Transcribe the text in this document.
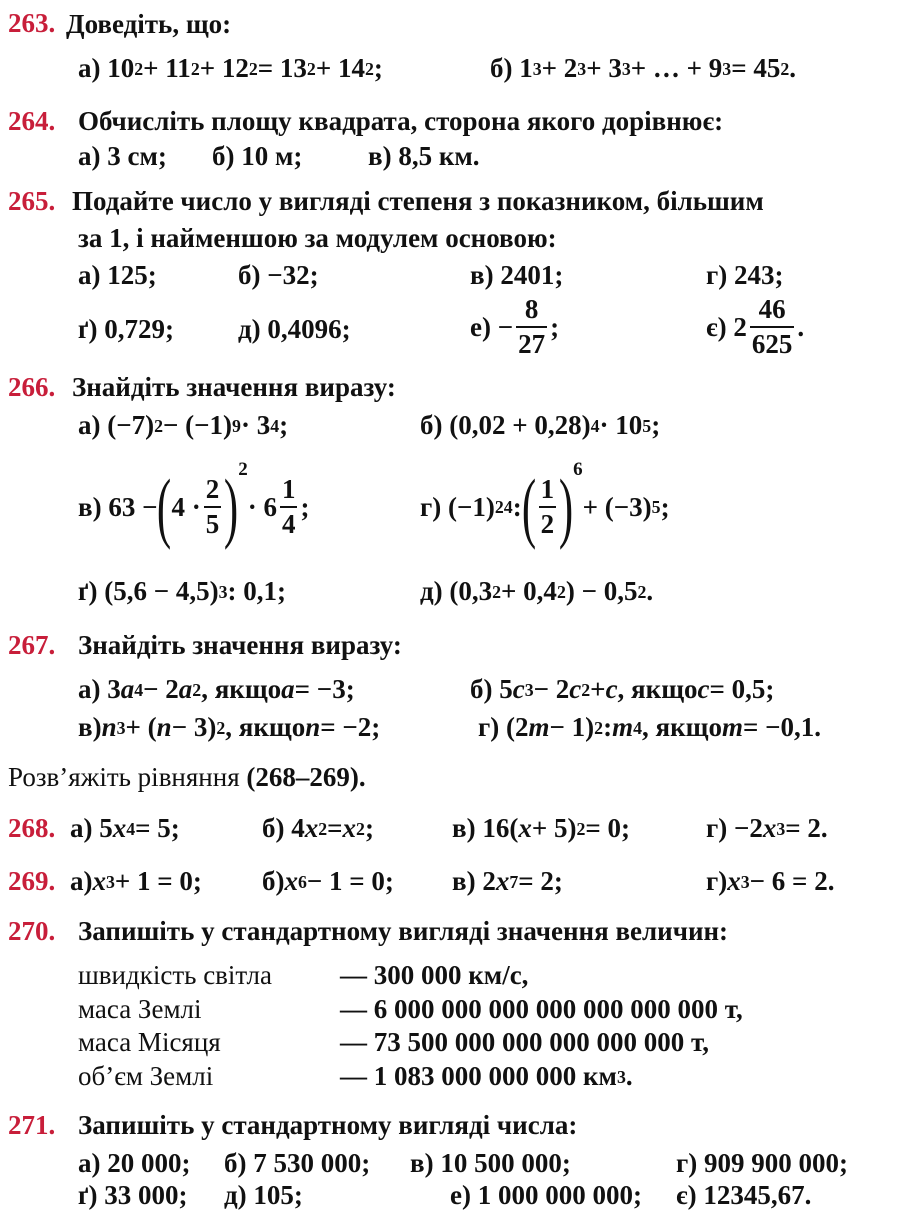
263. Доведіть, що:
а) 10 2 + 11 2 + 12 2 = 13 2 + 14 2 ;	б) 1 3 + 2 3 + 3 3 + … + 9 3 = 45 2 .
264. Обчисліть площу квадрата, сторона якого дорівнює:
а) 3 см; б) 10 м; в) 8,5 км.
265. Подайте число у вигляді степеня з показником, більшим
за 1, і найменшою за модулем основою:
а) 125;	б) −32;	в) 2401;	г) 243;
ґ) 0,729; д) 0,4096;	е) −
8
27
;	є) 2
46
625
.
266. Знайдіть значення виразу:
а) (−7) 2 − (−1) 9 · 3 4 ;	б) (0,02 + 0,28) 4 · 10 5 ;
в) 63 − ( 4 ·
2
5 ) 2
· 6
1
4
;	г) (−1) 24 : ( 1
2 ) 6
+ (−3) 5 ;
ґ) (5,6 − 4,5) 3 : 0,1;	д) (0,3 2 + 0,4 2 ) − 0,5 2 .
267. Знайдіть значення виразу:
а) 3 a 4 − 2 a 2 , якщо a = −3;	б) 5 c 3 − 2 c 2 + c , якщо c = 0,5;
в) n 3 + ( n − 3) 2 , якщо n = −2;	г) (2 m − 1) 2 : m 4 , якщо m = −0,1.
Розв’яжіть рівняння (268–269).
268. а) 5 x 4 = 5;	б) 4 x 2 = x 2 ;	в) 16( x + 5) 2 = 0;	г) −2 x 3 = 2.
269. а) x 3 + 1 = 0; б) x 6 − 1 = 0; в) 2 x 7 = 2;	г) x 3 − 6 = 2.
270. Запишіть у стандартному вигляді значення величин:
швидкість світла	— 300 000 км/с,
маса Землі	— 6 000 000 000 000 000 000 000 т,
маса Місяця	— 73 500 000 000 000 000 000 т,
об’єм Землі	— 1 083 000 000 000 км 3 .
271. Запишіть у стандартному вигляді числа:
а) 20 000; б) 7 530 000; в) 10 500 000;	г) 909 900 000;
ґ) 33 000; д) 105;	е) 1 000 000 000; є) 12345,67.
